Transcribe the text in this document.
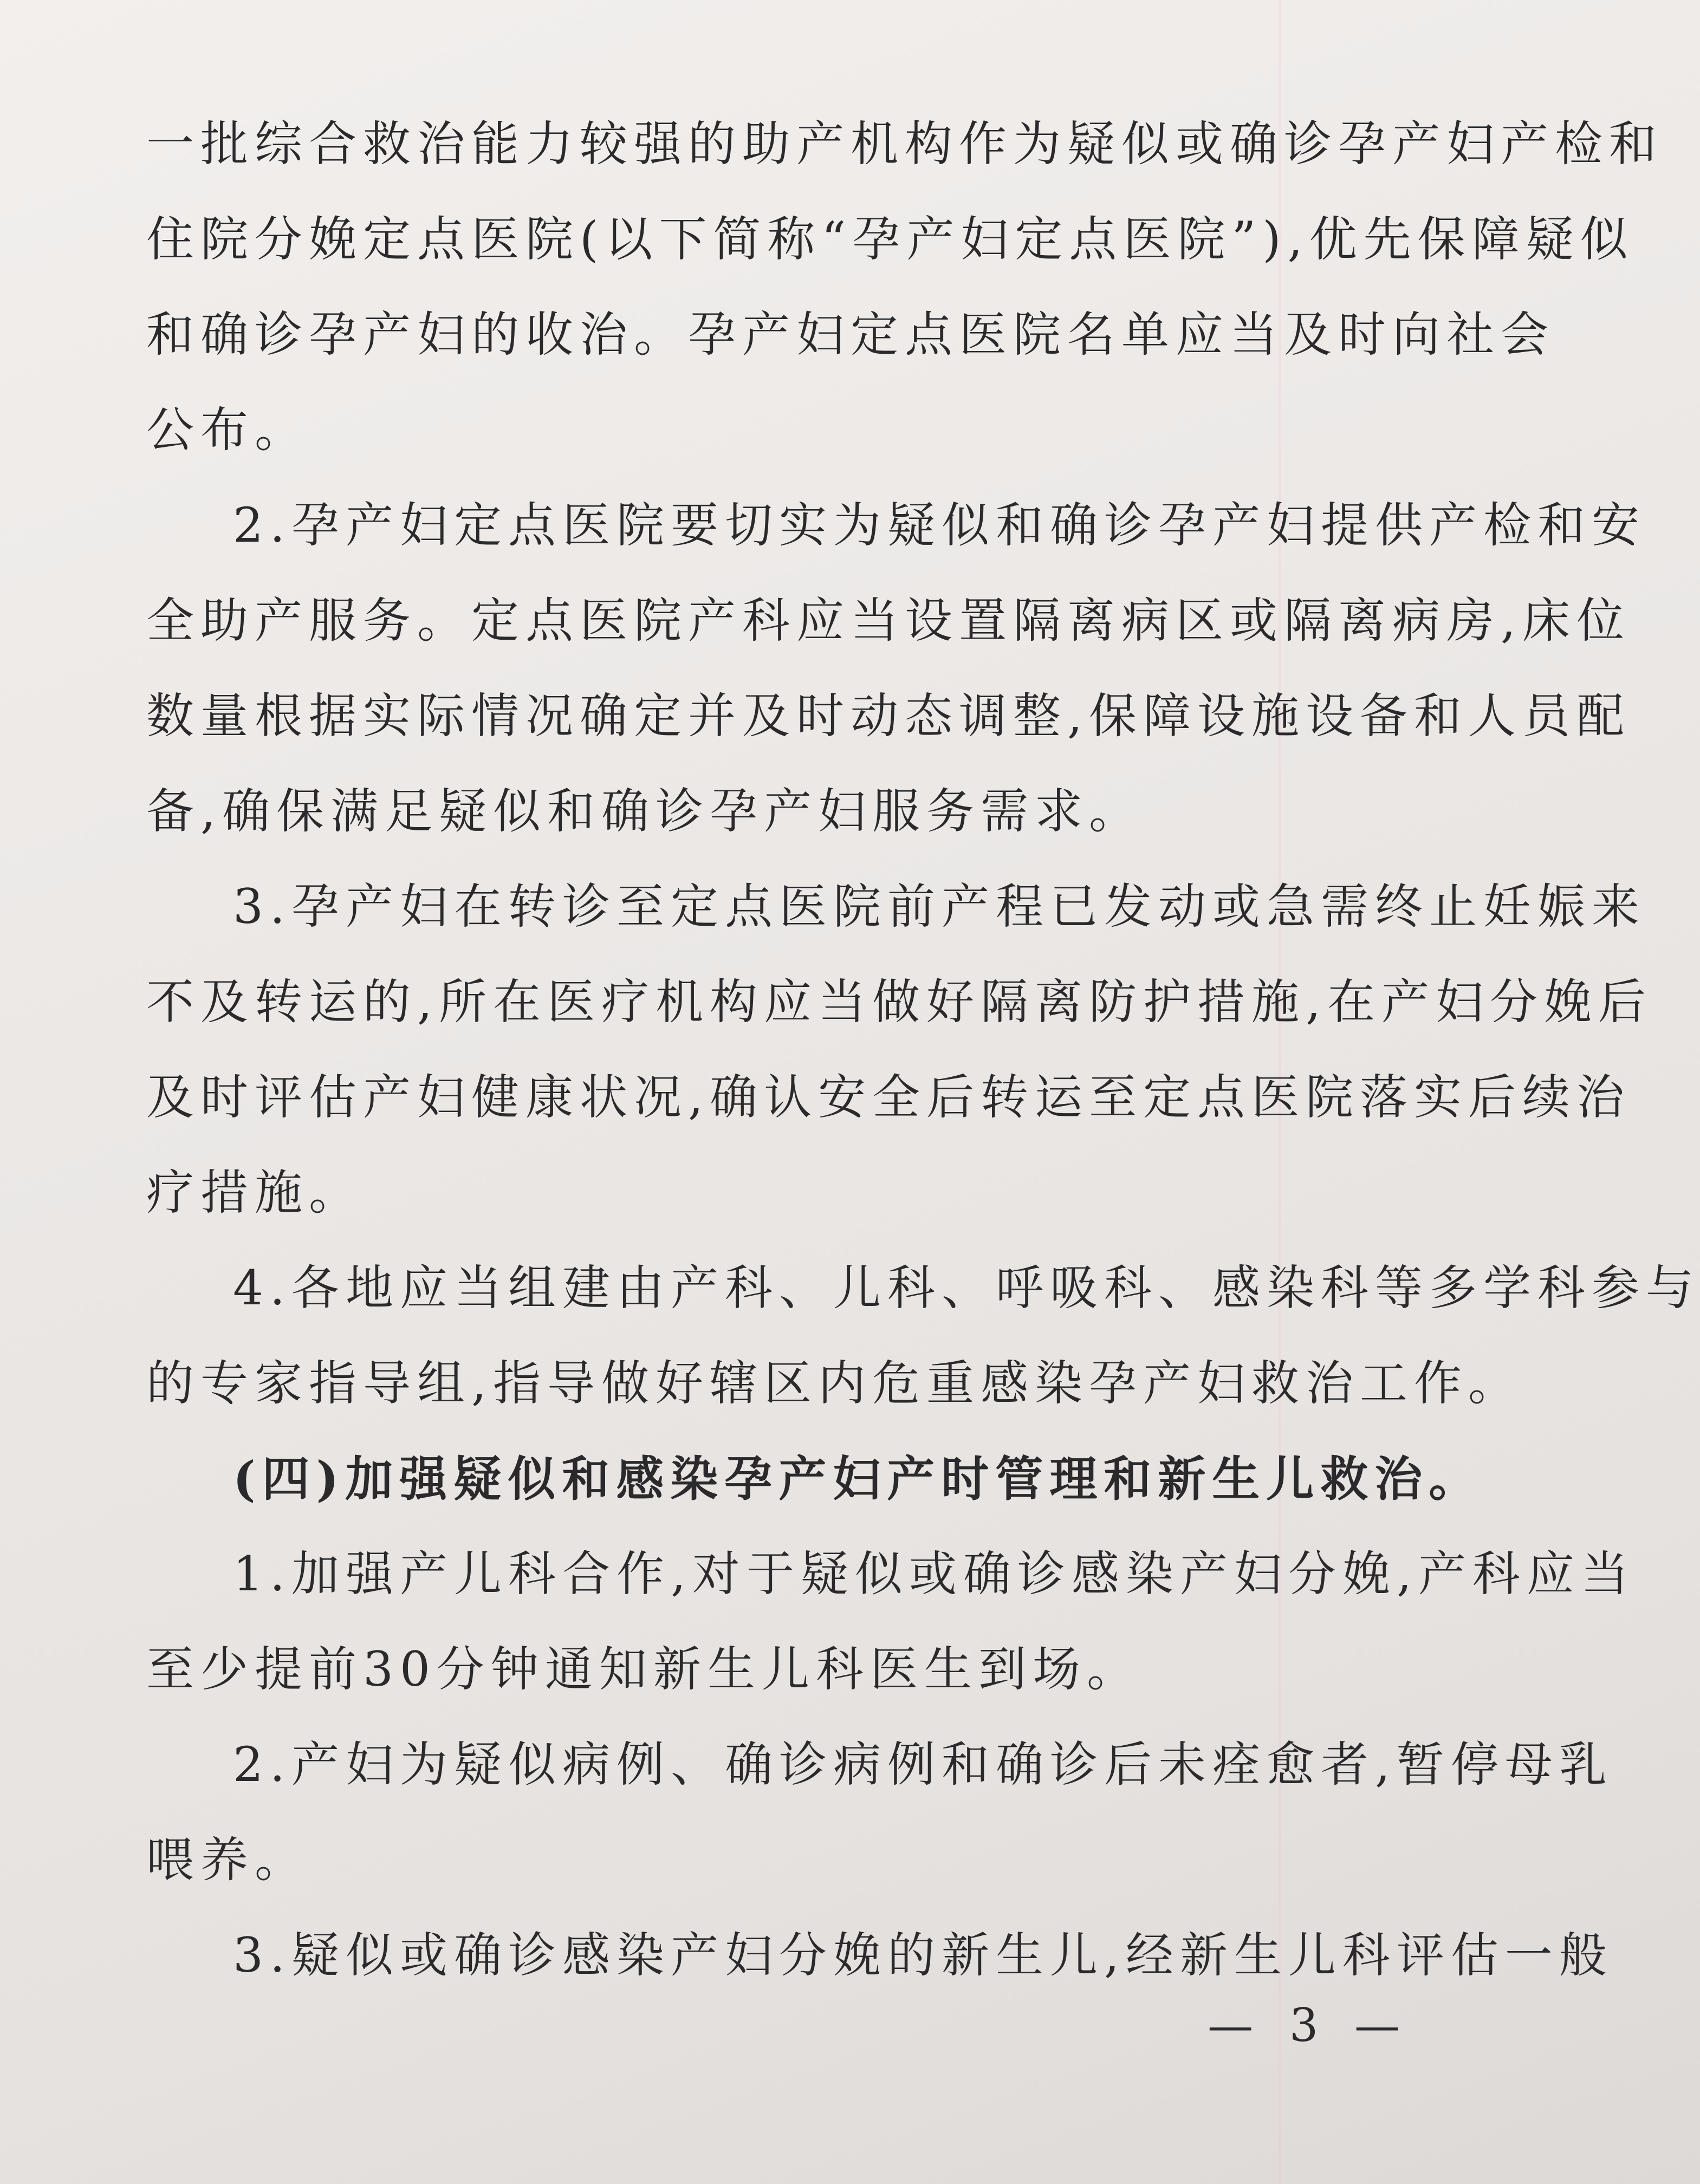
一批综合救治能力较强的助产机构作为疑似或确诊孕产妇产检和
住院分娩定点医院(以下简称“孕产妇定点医院”),优先保障疑似
和确诊孕产妇的收治。孕产妇定点医院名单应当及时向社会
公布。
2.孕产妇定点医院要切实为疑似和确诊孕产妇提供产检和安
全助产服务。定点医院产科应当设置隔离病区或隔离病房,床位
数量根据实际情况确定并及时动态调整,保障设施设备和人员配
备,确保满足疑似和确诊孕产妇服务需求。
3.孕产妇在转诊至定点医院前产程已发动或急需终止妊娠来
不及转运的,所在医疗机构应当做好隔离防护措施,在产妇分娩后
及时评估产妇健康状况,确认安全后转运至定点医院落实后续治
疗措施。
4.各地应当组建由产科、儿科、呼吸科、感染科等多学科参与
的专家指导组,指导做好辖区内危重感染孕产妇救治工作。
(四)加强疑似和感染孕产妇产时管理和新生儿救治。
1.加强产儿科合作,对于疑似或确诊感染产妇分娩,产科应当
至少提前30分钟通知新生儿科医生到场。
2.产妇为疑似病例、确诊病例和确诊后未痊愈者,暂停母乳
喂养。
3.疑似或确诊感染产妇分娩的新生儿,经新生儿科评估一般
— 3 —
